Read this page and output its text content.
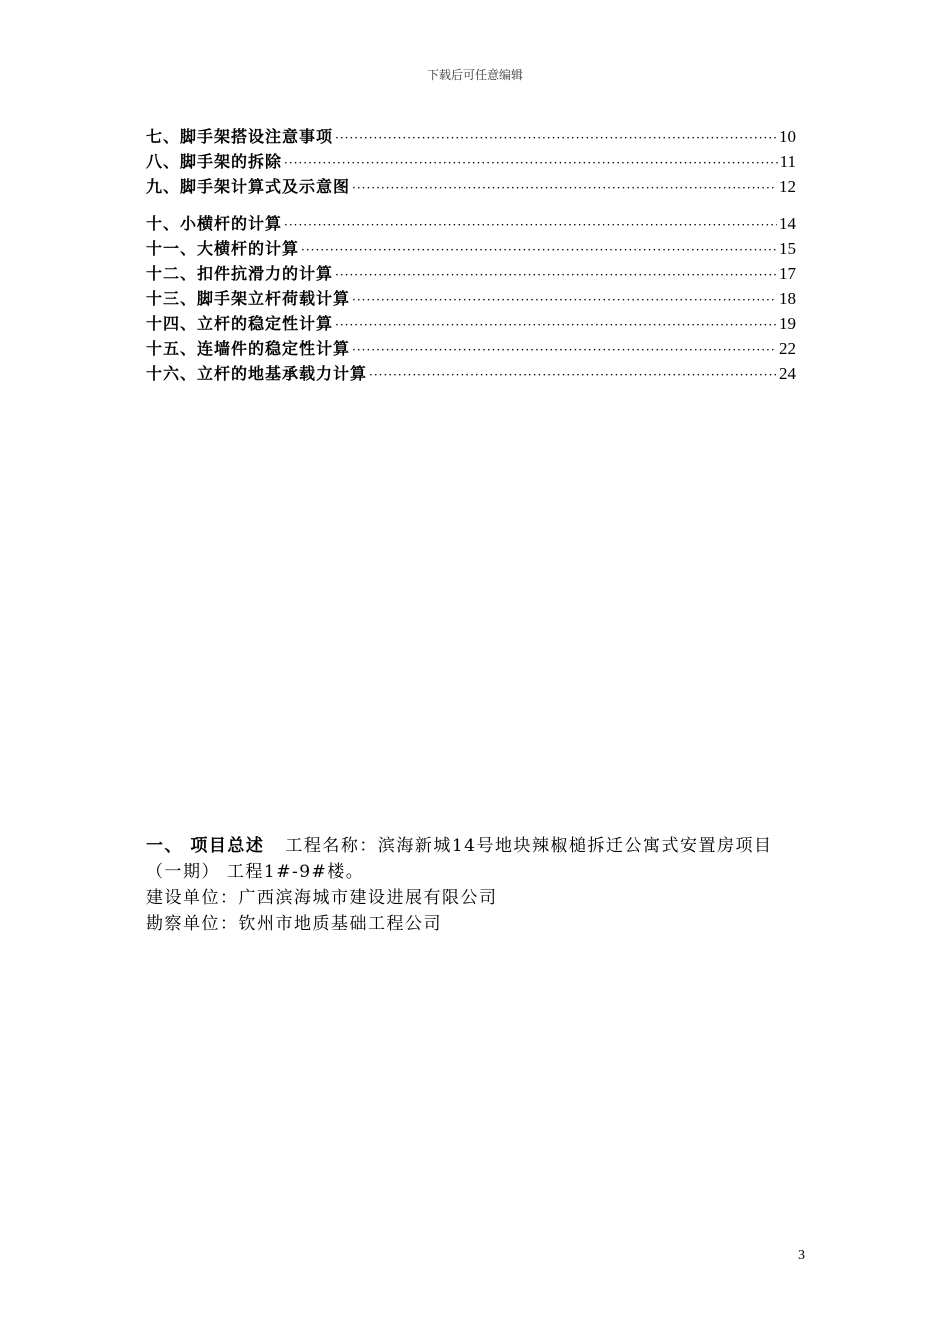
下载后可任意编辑
七、脚手架搭设注意事项 ·····	10
八、脚手架的拆除 ·····	11
九、脚手架计算式及示意图 ·····	12
十、小横杆的计算 ·····	14
十一、大横杆的计算 ·····	15
十二、扣件抗滑力的计算 ·····	17
十三、脚手架立杆荷载计算 ·····	18
十四、立杆的稳定性计算 ·····	19
十五、连墙件的稳定性计算 ·····	22
十六、立杆的地基承载力计算 ·····	24
一、 项目总述 工程名称：滨海新城14号地块辣椒槌拆迁公寓式安置房项目
（一期） 工程1#-9#楼。
建设单位：广西滨海城市建设进展有限公司
勘察单位：钦州市地质基础工程公司
3
